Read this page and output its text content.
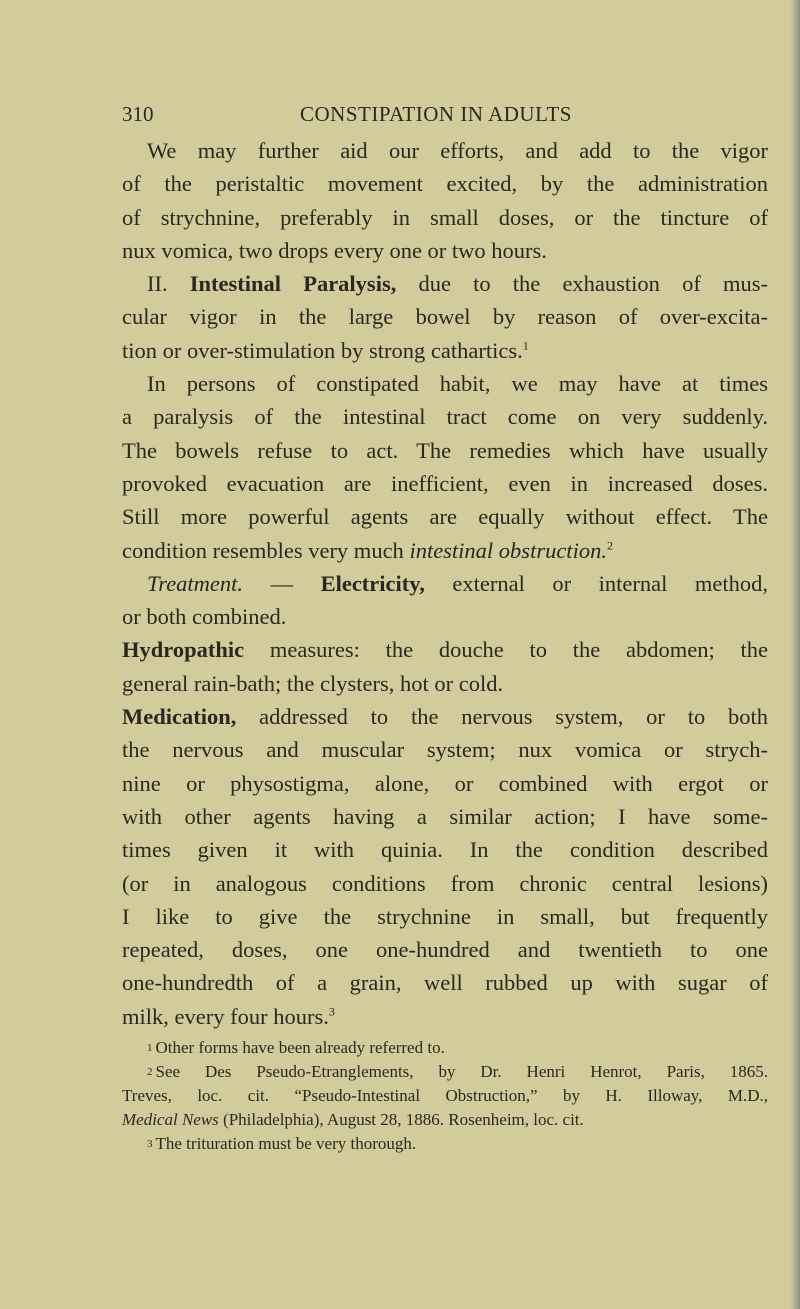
310	CONSTIPATION IN ADULTS
We may further aid our efforts, and add to the vigor
of the peristaltic movement excited, by the administration
of strychnine, preferably in small doses, or the tincture of
nux vomica, two drops every one or two hours.
II. Intestinal Paralysis, due to the exhaustion of mus-
cular vigor in the large bowel by reason of over-excita-
tion or over-stimulation by strong cathartics.$^1$
In persons of constipated habit, we may have at times
a paralysis of the intestinal tract come on very suddenly.
The bowels refuse to act. The remedies which have usually
provoked evacuation are inefficient, even in increased doses.
Still more powerful agents are equally without effect. The
condition resembles very much intestinal obstruction.$^2$
Treatment. — Electricity, external or internal method,
or both combined.
Hydropathic measures: the douche to the abdomen; the
general rain-bath; the clysters, hot or cold.
Medication, addressed to the nervous system, or to both
the nervous and muscular system; nux vomica or strych-
nine or physostigma, alone, or combined with ergot or
with other agents having a similar action; I have some-
times given it with quinia. In the condition described
(or in analogous conditions from chronic central lesions)
I like to give the strychnine in small, but frequently
repeated, doses, one one-hundred and twentieth to one
one-hundredth of a grain, well rubbed up with sugar of
milk, every four hours.$^3$
1 Other forms have been already referred to.
2 See Des Pseudo-Etranglements, by Dr. Henri Henrot, Paris, 1865.
Treves, loc. cit. “Pseudo-Intestinal Obstruction,” by H. Illoway, M.D.,
Medical News (Philadelphia), August 28, 1886. Rosenheim, loc. cit.
3 The trituration must be very thorough.
